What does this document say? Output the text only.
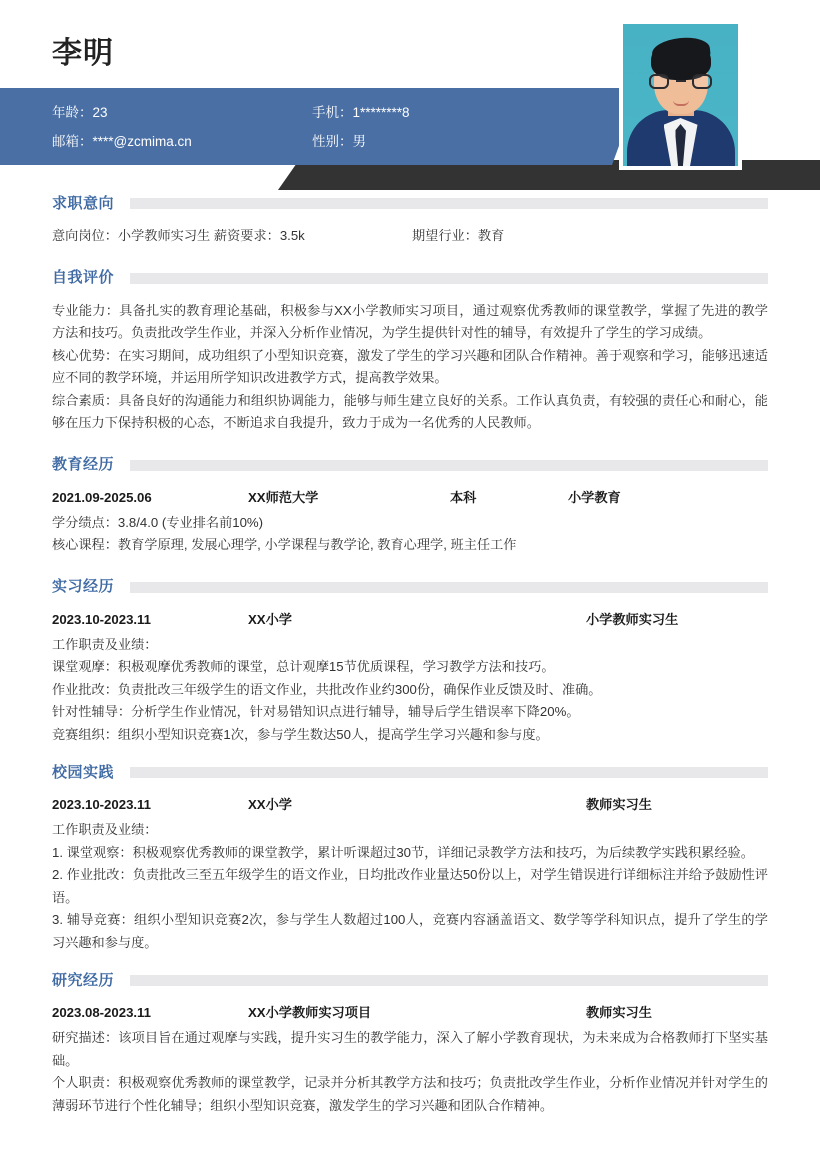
李明
年龄：23	手机：1********8
邮箱：****@zcmima.cn	性别：男
求职意向
意向岗位：小学教师实习生 薪资要求：3.5k	期望行业：教育
自我评价
专业能力：具备扎实的教育理论基础，积极参与XX小学教师实习项目，通过观察优秀教师的课堂教学，掌握了先进的教学方法和技巧。负责批改学生作业，并深入分析作业情况，为学生提供针对性的辅导，有效提升了学生的学习成绩。
核心优势：在实习期间，成功组织了小型知识竞赛，激发了学生的学习兴趣和团队合作精神。善于观察和学习，能够迅速适应不同的教学环境，并运用所学知识改进教学方式，提高教学效果。
综合素质：具备良好的沟通能力和组织协调能力，能够与师生建立良好的关系。工作认真负责，有较强的责任心和耐心，能够在压力下保持积极的心态，不断追求自我提升，致力于成为一名优秀的人民教师。
教育经历
2021.09-2025.06	XX师范大学	本科	小学教育
学分绩点：3.8/4.0 (专业排名前10%)
核心课程：教育学原理, 发展心理学, 小学课程与教学论, 教育心理学, 班主任工作
实习经历
2023.10-2023.11	XX小学	小学教师实习生
工作职责及业绩：
课堂观摩：积极观摩优秀教师的课堂，总计观摩15节优质课程，学习教学方法和技巧。
作业批改：负责批改三年级学生的语文作业，共批改作业约300份，确保作业反馈及时、准确。
针对性辅导：分析学生作业情况，针对易错知识点进行辅导，辅导后学生错误率下降20%。
竞赛组织：组织小型知识竞赛1次，参与学生数达50人，提高学生学习兴趣和参与度。
校园实践
2023.10-2023.11	XX小学	教师实习生
工作职责及业绩：
1. 课堂观察：积极观察优秀教师的课堂教学，累计听课超过30节，详细记录教学方法和技巧，为后续教学实践积累经验。
2. 作业批改：负责批改三至五年级学生的语文作业，日均批改作业量达50份以上，对学生错误进行详细标注并给予鼓励性评语。
3. 辅导竞赛：组织小型知识竞赛2次，参与学生人数超过100人，竞赛内容涵盖语文、数学等学科知识点，提升了学生的学习兴趣和参与度。
研究经历
2023.08-2023.11	XX小学教师实习项目	教师实习生
研究描述：该项目旨在通过观摩与实践，提升实习生的教学能力，深入了解小学教育现状，为未来成为合格教师打下坚实基础。
个人职责：积极观察优秀教师的课堂教学，记录并分析其教学方法和技巧；负责批改学生作业，分析作业情况并针对学生的薄弱环节进行个性化辅导；组织小型知识竞赛，激发学生的学习兴趣和团队合作精神。
